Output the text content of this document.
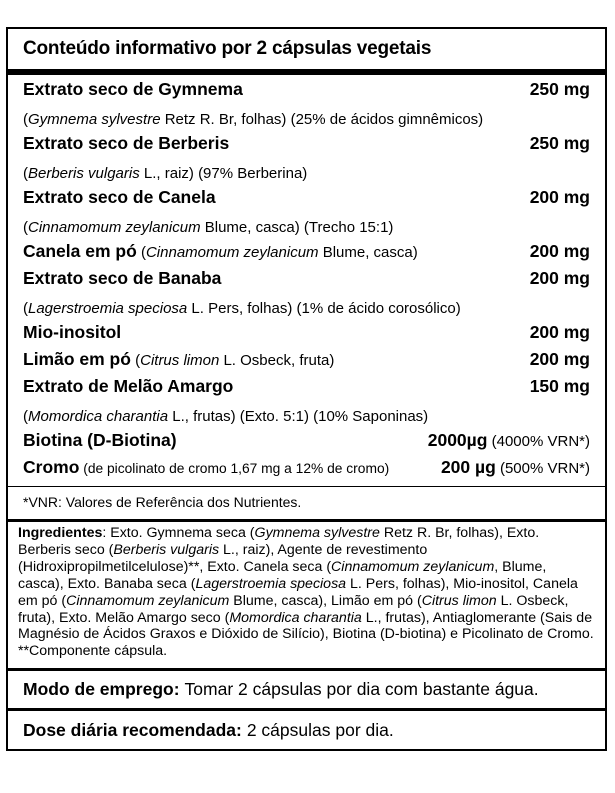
Conteúdo informativo por 2 cápsulas vegetais
Extrato seco de Gymnema	250 mg
(Gymnema sylvestre Retz R. Br, folhas) (25% de ácidos gimnêmicos)
Extrato seco de Berberis	250 mg
(Berberis vulgaris L., raiz) (97% Berberina)
Extrato seco de Canela	200 mg
(Cinnamomum zeylanicum Blume, casca) (Trecho 15:1)
Canela em pó (Cinnamomum zeylanicum Blume, casca)	200 mg
Extrato seco de Banaba	200 mg
(Lagerstroemia speciosa L. Pers, folhas) (1% de ácido corosólico)
Mio-inositol	200 mg
Limão em pó (Citrus limon L. Osbeck, fruta)	200 mg
Extrato de Melão Amargo	150 mg
(Momordica charantia L., frutas) (Exto. 5:1) (10% Saponinas)
Biotina (D-Biotina)	2000µg (4000% VRN*)
Cromo (de picolinato de cromo 1,67 mg a 12% de cromo)	200 µg (500% VRN*)
*VNR: Valores de Referência dos Nutrientes.
Ingredientes: Exto. Gymnema seca (Gymnema sylvestre Retz R. Br, folhas), Exto. Berberis seco (Berberis vulgaris L., raiz), Agente de revestimento (Hidroxipropilmetilcelulose)**, Exto. Canela seca (Cinnamomum zeylanicum, Blume, casca), Exto. Banaba seca (Lagerstroemia speciosa L. Pers, folhas), Mio-inositol, Canela em pó (Cinnamomum zeylanicum Blume, casca), Limão em pó (Citrus limon L. Osbeck, fruta), Exto. Melão Amargo seco (Momordica charantia L., frutas), Antiaglomerante (Sais de Magnésio de Ácidos Graxos e Dióxido de Silício), Biotina (D-biotina) e Picolinato de Cromo. **Componente cápsula.
Modo de emprego: Tomar 2 cápsulas por dia com bastante água.
Dose diária recomendada: 2 cápsulas por dia.
